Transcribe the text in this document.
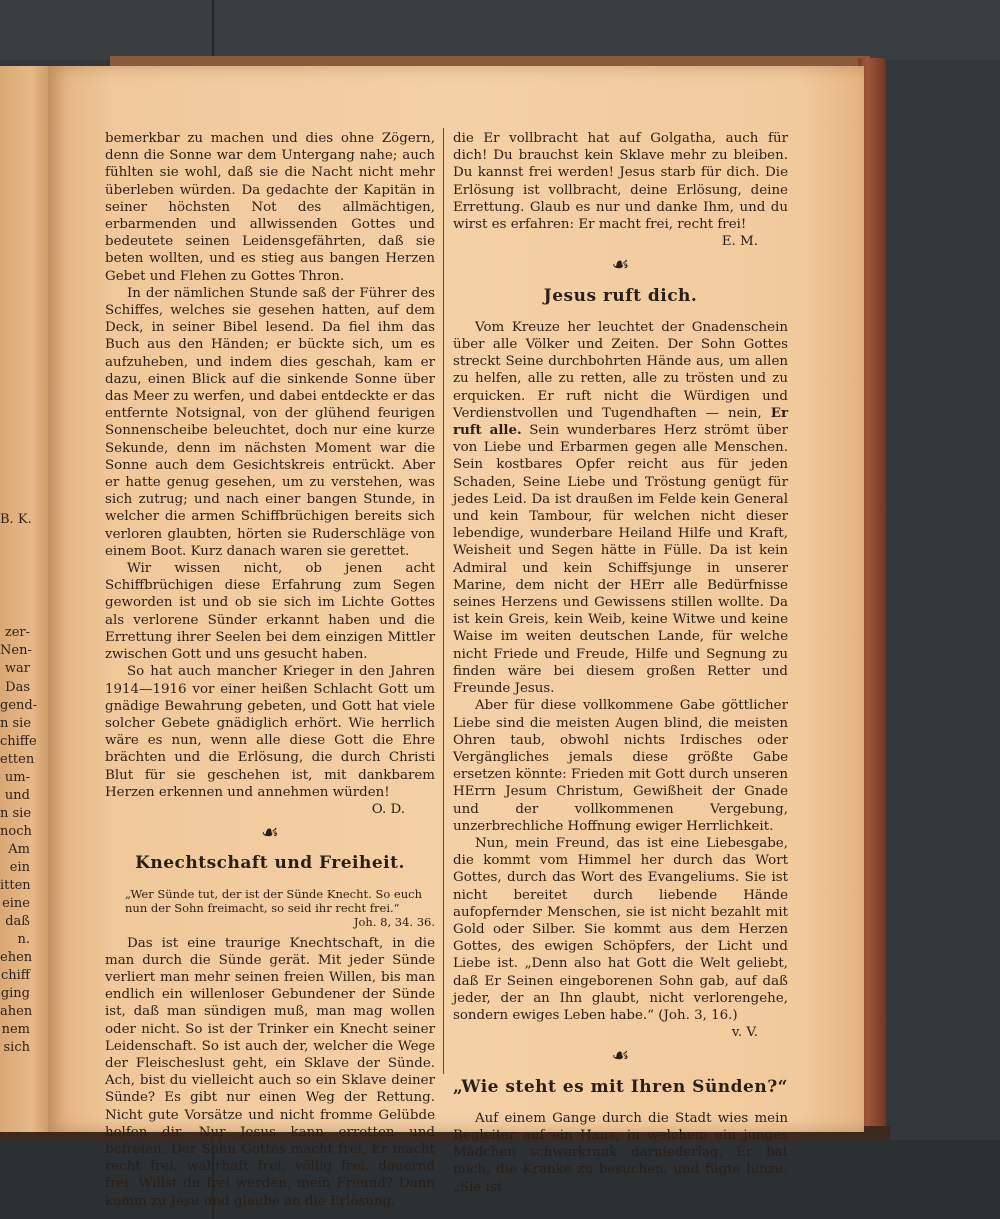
B. K.
zer-
Nen-
war
Das
gend-
n sie
chiffe
etten
um-
und
n sie
noch
Am
ein
itten
eine
daß
n.
ehen
chiff
ging
ahen
nem
sich

bemerkbar zu machen und dies ohne Zögern, denn die Sonne war dem Untergang nahe; auch fühlten sie wohl, daß sie die Nacht nicht mehr überleben würden. Da gedachte der Kapitän in seiner höchsten Not des allmächtigen, erbarmenden und allwissenden Gottes und bedeutete seinen Leidensgefährten, daß sie beten wollten, und es stieg aus bangen Herzen Gebet und Flehen zu Gottes Thron.

In der nämlichen Stunde saß der Führer des Schiffes, welches sie gesehen hatten, auf dem Deck, in seiner Bibel lesend. Da fiel ihm das Buch aus den Händen; er bückte sich, um es aufzuheben, und indem dies geschah, kam er dazu, einen Blick auf die sinkende Sonne über das Meer zu werfen, und dabei entdeckte er das entfernte Notsignal, von der glühend feurigen Sonnenscheibe beleuchtet, doch nur eine kurze Sekunde, denn im nächsten Moment war die Sonne auch dem Gesichtskreis entrückt. Aber er hatte genug gesehen, um zu verstehen, was sich zutrug; und nach einer bangen Stunde, in welcher die armen Schiffbrüchigen bereits sich verloren glaubten, hörten sie Ruderschläge von einem Boot. Kurz danach waren sie gerettet.

Wir wissen nicht, ob jenen acht Schiffbrüchigen diese Erfahrung zum Segen geworden ist und ob sie sich im Lichte Gottes als verlorene Sünder erkannt haben und die Errettung ihrer Seelen bei dem einzigen Mittler zwischen Gott und uns gesucht haben.

So hat auch mancher Krieger in den Jahren 1914—1916 vor einer heißen Schlacht Gott um gnädige Bewahrung gebeten, und Gott hat viele solcher Gebete gnädiglich erhört. Wie herrlich wäre es nun, wenn alle diese Gott die Ehre brächten und die Erlösung, die durch Christi Blut für sie geschehen ist, mit dankbarem Herzen erkennen und annehmen würden!

O. D.

☙
Knechtschaft und Freiheit.
„Wer Sünde tut, der ist der Sünde Knecht. So euch nun der Sohn freimacht, so seid ihr recht frei.“
Joh. 8, 34. 36.

Das ist eine traurige Knechtschaft, in die man durch die Sünde gerät. Mit jeder Sünde verliert man mehr seinen freien Willen, bis man endlich ein willenloser Gebundener der Sünde ist, daß man sündigen muß, man mag wollen oder nicht. So ist der Trinker ein Knecht seiner Leidenschaft. So ist auch der, welcher die Wege der Fleischeslust geht, ein Sklave der Sünde. Ach, bist du vielleicht auch so ein Sklave deiner Sünde? Es gibt nur einen Weg der Rettung. Nicht gute Vorsätze und nicht fromme Gelübde helfen dir. Nur Jesus kann erretten und befreien. Der Sohn Gottes macht frei, Er macht recht frei, wahrhaft frei, völlig frei, dauernd frei. Willst du frei werden, mein Freund? Dann komm zu Jesu und glaube an die Erlösung,

die Er vollbracht hat auf Golgatha, auch für dich! Du brauchst kein Sklave mehr zu bleiben. Du kannst frei werden! Jesus starb für dich. Die Erlösung ist vollbracht, deine Erlösung, deine Errettung. Glaub es nur und danke Ihm, und du wirst es erfahren: Er macht frei, recht frei!

E. M.

☙
Jesus ruft dich.

Vom Kreuze her leuchtet der Gnadenschein über alle Völker und Zeiten. Der Sohn Gottes streckt Seine durchbohrten Hände aus, um allen zu helfen, alle zu retten, alle zu trösten und zu erquicken. Er ruft nicht die Würdigen und Verdienstvollen und Tugendhaften — nein, Er ruft alle. Sein wunderbares Herz strömt über von Liebe und Erbarmen gegen alle Menschen. Sein kostbares Opfer reicht aus für jeden Schaden, Seine Liebe und Tröstung genügt für jedes Leid. Da ist draußen im Felde kein General und kein Tambour, für welchen nicht dieser lebendige, wunderbare Heiland Hilfe und Kraft, Weisheit und Segen hätte in Fülle. Da ist kein Admiral und kein Schiffsjunge in unserer Marine, dem nicht der HErr alle Bedürfnisse seines Herzens und Gewissens stillen wollte. Da ist kein Greis, kein Weib, keine Witwe und keine Waise im weiten deutschen Lande, für welche nicht Friede und Freude, Hilfe und Segnung zu finden wäre bei diesem großen Retter und Freunde Jesus.

Aber für diese vollkommene Gabe göttlicher Liebe sind die meisten Augen blind, die meisten Ohren taub, obwohl nichts Irdisches oder Vergängliches jemals diese größte Gabe ersetzen könnte: Frieden mit Gott durch unseren HErrn Jesum Christum, Gewißheit der Gnade und der vollkommenen Vergebung, unzerbrechliche Hoffnung ewiger Herrlichkeit.

Nun, mein Freund, das ist eine Liebesgabe, die kommt vom Himmel her durch das Wort Gottes, durch das Wort des Evangeliums. Sie ist nicht bereitet durch liebende Hände aufopfernder Menschen, sie ist nicht bezahlt mit Gold oder Silber. Sie kommt aus dem Herzen Gottes, des ewigen Schöpfers, der Licht und Liebe ist. „Denn also hat Gott die Welt geliebt, daß Er Seinen eingeborenen Sohn gab, auf daß jeder, der an Ihn glaubt, nicht verlorengehe, sondern ewiges Leben habe.“ (Joh. 3, 16.)

v. V.

☙
„Wie steht es mit Ihren Sünden?“

Auf einem Gange durch die Stadt wies mein Begleiter auf ein Haus, in welchem ein junges Mädchen schwerkrank darniederlag. Er bat mich, die Kranke zu besuchen, und fügte hinzu: „Sie ist
